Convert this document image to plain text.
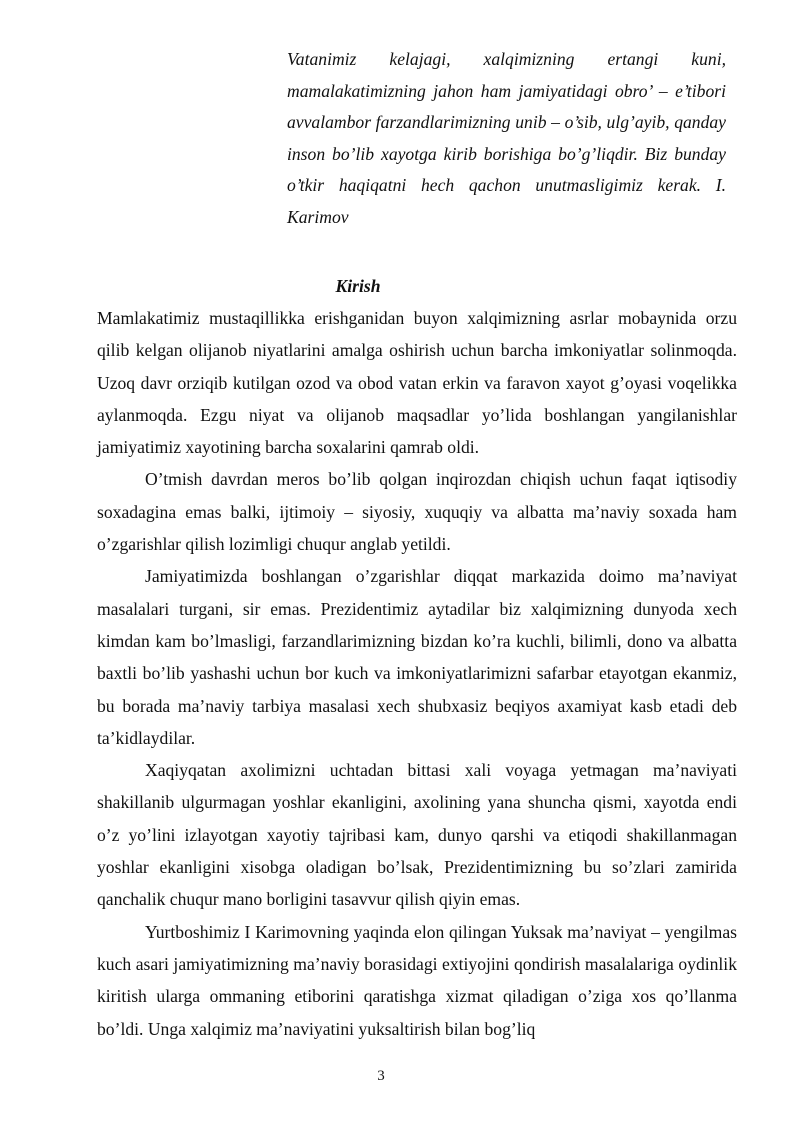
Vatanimiz kelajagi, xalqimizning ertangi kuni, mamalakatimizning jahon ham jamiyatidagi obro’ – e’tibori avvalambor farzandlarimizning unib – o’sib, ulg’ayib, qanday inson bo’lib xayotga kirib borishiga bo’g’liqdir. Biz bunday o’tkir haqiqatni hech qachon unutmasligimiz kerak. I. Karimov
Kirish

Mamlakatimiz mustaqillikka erishganidan buyon xalqimizning asrlar mobaynida orzu qilib kelgan olijanob niyatlarini amalga oshirish uchun barcha imkoniyatlar solinmoqda. Uzoq davr orziqib kutilgan ozod va obod vatan erkin va faravon xayot g’oyasi voqelikka aylanmoqda. Ezgu niyat va olijanob maqsadlar yo’lida boshlangan yangilanishlar jamiyatimiz xayotining barcha soxalarini qamrab oldi.

O’tmish davrdan meros bo’lib qolgan inqirozdan chiqish uchun faqat iqtisodiy soxadagina emas balki, ijtimoiy – siyosiy, xuquqiy va albatta ma’naviy soxada ham o’zgarishlar qilish lozimligi chuqur anglab yetildi.

Jamiyatimizda boshlangan o’zgarishlar diqqat markazida doimo ma’naviyat masalalari turgani, sir emas. Prezidentimiz aytadilar biz xalqimizning dunyoda xech kimdan kam bo’lmasligi, farzandlarimizning bizdan ko’ra kuchli, bilimli, dono va albatta baxtli bo’lib yashashi uchun bor kuch va imkoniyatlarimizni safarbar etayotgan ekanmiz, bu borada ma’naviy tarbiya masalasi xech shubxasiz beqiyos axamiyat kasb etadi deb ta’kidlaydilar.

Xaqiyqatan axolimizni uchtadan bittasi xali voyaga yetmagan ma’naviyati shakillanib ulgurmagan yoshlar ekanligini, axolining yana shuncha qismi, xayotda endi o’z yo’lini izlayotgan xayotiy tajribasi kam, dunyo qarshi va etiqodi shakillanmagan yoshlar ekanligini xisobga oladigan bo’lsak, Prezidentimizning bu so’zlari zamirida qanchalik chuqur mano borligini tasavvur qilish qiyin emas.

Yurtboshimiz I Karimovning yaqinda elon qilingan Yuksak ma’naviyat – yengilmas kuch asari jamiyatimizning ma’naviy borasidagi extiyojini qondirish masalalariga oydinlik kiritish ularga ommaning etiborini qaratishga xizmat qiladigan o’ziga xos qo’llanma bo’ldi. Unga xalqimiz ma’naviyatini yuksaltirish bilan bog’liq

3
